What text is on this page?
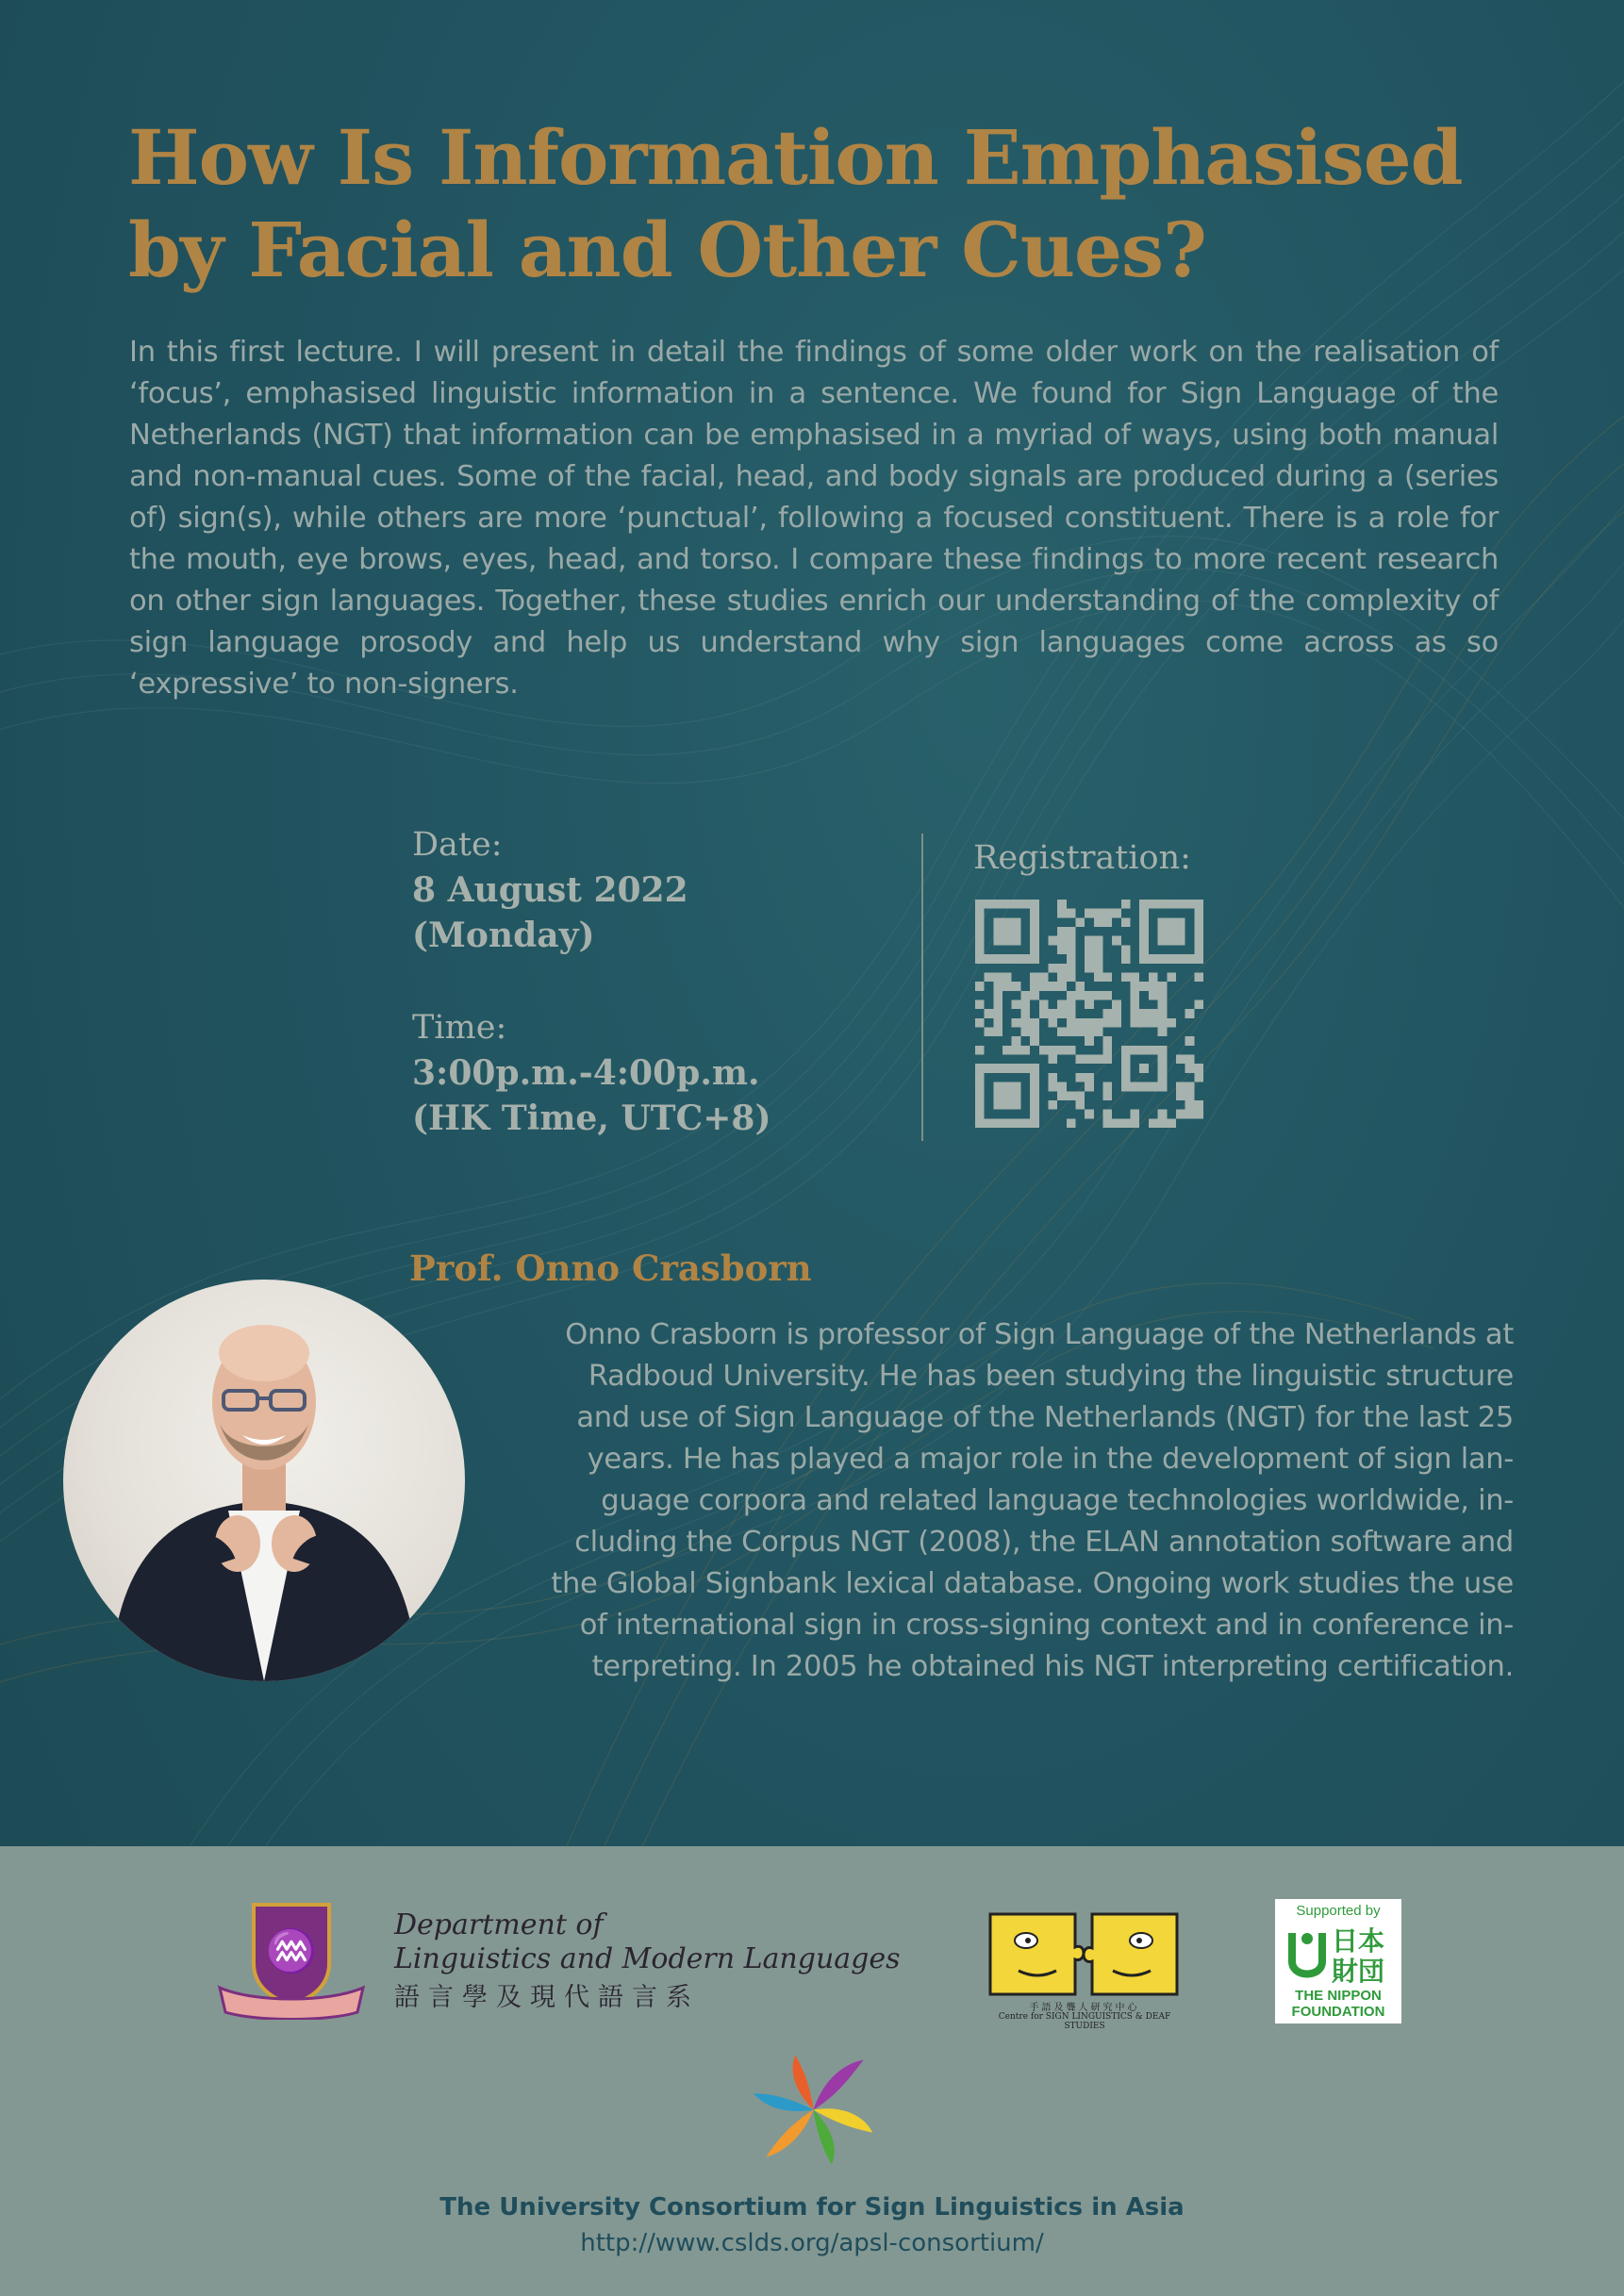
How Is Information Emphasised
by Facial and Other Cues?

In this first lecture. I will present in detail the findings of some older work on the realisation of ‘focus’, emphasised linguistic information in a sentence. We found for Sign Language of the Netherlands (NGT) that information can be emphasised in a myriad of ways, using both manual and non-manual cues. Some of the facial, head, and body signals are produced during a (series of) sign(s), while others are more ‘punctual’, following a focused constituent. There is a role for the mouth, eye brows, eyes, head, and torso. I compare these findings to more recent research on other sign languages. Together, these studies enrich our understanding of the complexity of sign language prosody and help us understand why sign languages come across as so ‘expressive’ to non-signers.

Date:
8 August 2022
(Monday)
Time:
3:00p.m.-4:00p.m.
(HK Time, UTC+8)
Registration:
Prof. Onno Crasborn
Onno Crasborn is professor of Sign Language of the Netherlands at
Radboud University. He has been studying the linguistic structure
and use of Sign Language of the Netherlands (NGT) for the last 25
years. He has played a major role in the development of sign lan-
guage corpora and related language technologies worldwide, in-
cluding the Corpus NGT (2008), the ELAN annotation software and
the Global Signbank lexical database. Ongoing work studies the use
of international sign in cross-signing context and in conference in-
terpreting. In 2005 he obtained his NGT interpreting certification.
♒
Department of
Linguistics and Modern Languages
語言學及現代語言系	手語及聾人研究中心
Centre for SIGN LINGUISTICS & DEAF STUDIES
Supported by
日本
財団
THE NIPPON
FOUNDATION
The University Consortium for Sign Linguistics in Asia
http://www.cslds.org/apsl-consortium/
